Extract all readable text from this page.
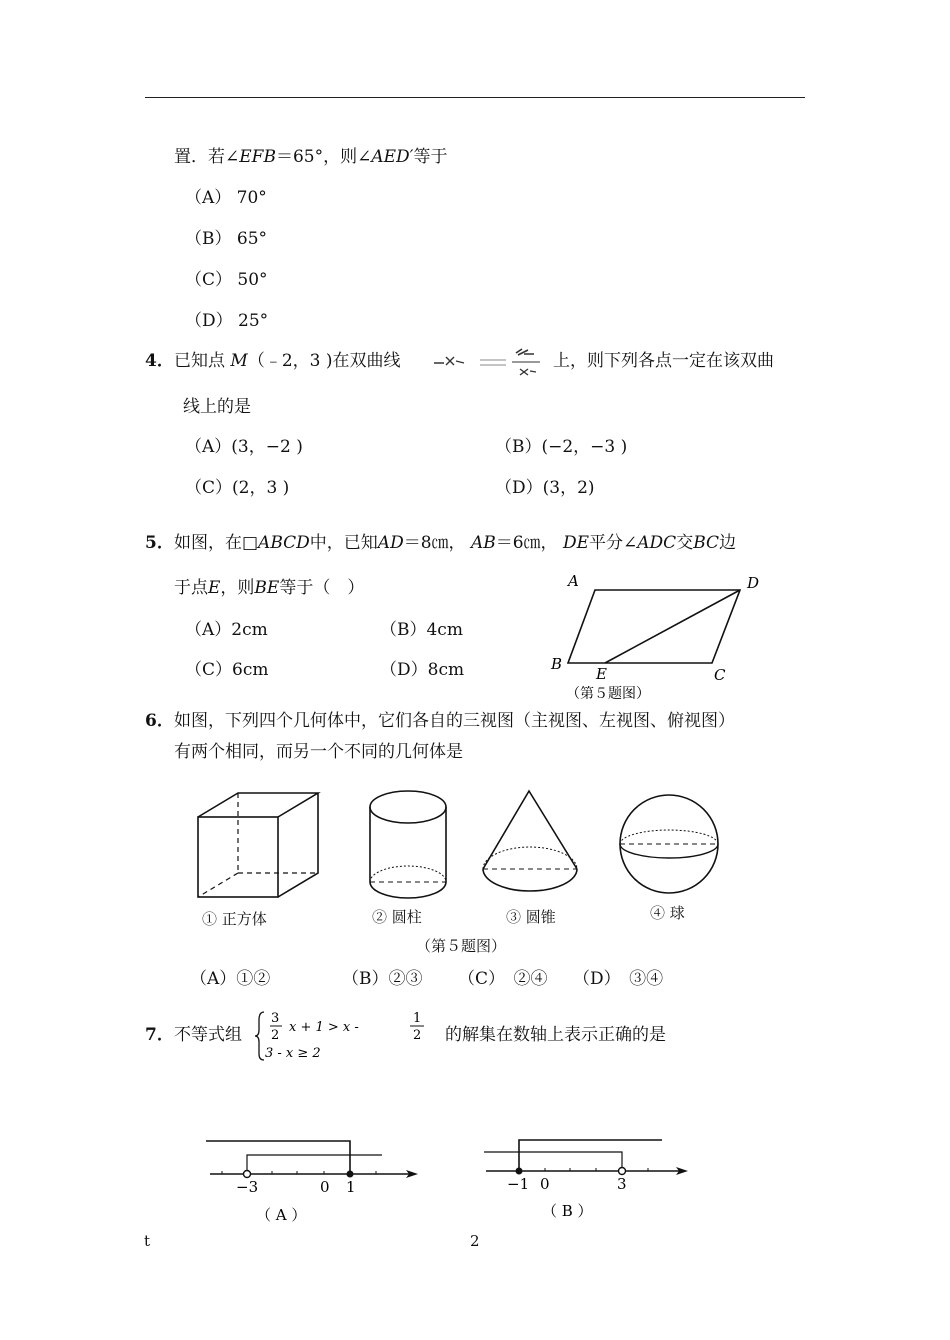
置．若∠EFB＝65°，则∠AED′等于
（A） 70°
（B） 65°
（C） 50°
（D） 25°
4． 已知点 M（﹣2，3 )在双曲线	上，则下列各点一定在该双曲
线上的是
（A）(3，−2 )	（B）(−2，−3 )
（C）(2，3 )	（D）(3，2)
5． 如图，在□ABCD中，已知AD＝8㎝， AB＝6㎝， DE平分∠ADC交BC边
于点E，则BE等于（　）
（A）2cm	（B）4cm
（C）6cm	（D）8cm
A	D
B
E	C
（第５题图）
6． 如图，下列四个几何体中，它们各自的三视图（主视图、左视图、俯视图）
有两个相同，而另一个不同的几何体是
① 正方体	② 圆柱	③ 圆锥	④ 球
（第５题图）
（A）①②	（B）②③ （C）　②④ （D）　③④
7． 不等式组
3
2
x + 1 > x -
1
2
3 - x ≥ 2
的解集在数轴上表示正确的是
−3	0 1
（ A ）
−1 0	3
（ B ）
t	2
